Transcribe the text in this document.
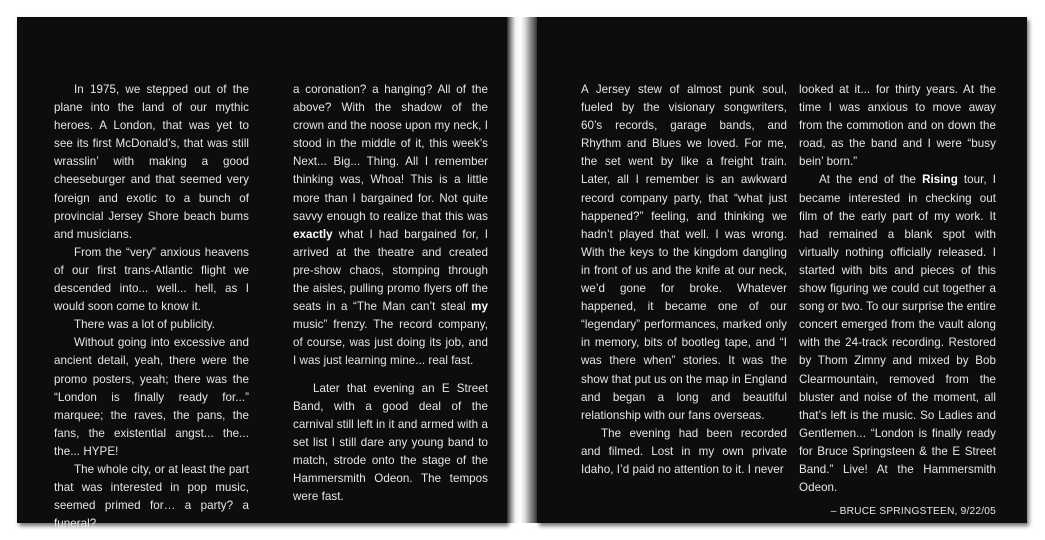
In 1975, we stepped out of the plane into the land of our mythic heroes. A London, that was yet to see its first McDonald’s, that was still wrasslin’ with making a good cheeseburger and that seemed very foreign and exotic to a bunch of provincial Jersey Shore beach bums and musicians.

From the “very” anxious heavens of our first trans-Atlantic flight we descended into... well... hell, as I would soon come to know it.

There was a lot of publicity.

Without going into excessive and ancient detail, yeah, there were the promo posters, yeah; there was the “London is finally ready for...” marquee; the raves, the pans, the fans, the existential angst... the... the... HYPE!

The whole city, or at least the part that was interested in pop music, seemed primed for… a party? a funeral?

a coronation? a hanging? All of the above? With the shadow of the crown and the noose upon my neck, I stood in the middle of it, this week’s Next... Big... Thing. All I remember thinking was, Whoa! This is a little more than I bargained for. Not quite savvy enough to realize that this was exactly what I had bargained for, I arrived at the theatre and created pre-show chaos, stomping through the aisles, pulling promo flyers off the seats in a “The Man can’t steal my music” frenzy. The record company, of course, was just doing its job, and I was just learning mine... real fast.

Later that evening an E Street Band, with a good deal of the carnival still left in it and armed with a set list I still dare any young band to match, strode onto the stage of the Hammersmith Odeon. The tempos were fast.

A Jersey stew of almost punk soul, fueled by the visionary songwriters, 60’s records, garage bands, and Rhythm and Blues we loved. For me, the set went by like a freight train. Later, all I remember is an awkward record company party, that “what just happened?” feeling, and thinking we hadn’t played that well. I was wrong. With the keys to the kingdom dangling in front of us and the knife at our neck, we’d gone for broke. Whatever happened, it became one of our “legendary” performances, marked only in memory, bits of bootleg tape, and “I was there when” stories. It was the show that put us on the map in England and began a long and beautiful relationship with our fans overseas.

The evening had been recorded and filmed. Lost in my own private Idaho, I’d paid no attention to it. I never

looked at it... for thirty years. At the time I was anxious to move away from the commotion and on down the road, as the band and I were “busy bein’ born.”

At the end of the Rising tour, I became interested in checking out film of the early part of my work. It had remained a blank spot with virtually nothing officially released. I started with bits and pieces of this show figuring we could cut together a song or two. To our surprise the entire concert emerged from the vault along with the 24-track recording. Restored by Thom Zimny and mixed by Bob Clearmountain, removed from the bluster and noise of the moment, all that’s left is the music. So Ladies and Gentlemen... “London is finally ready for Bruce Springsteen & the E Street Band.” Live! At the Hammersmith Odeon.

– BRUCE SPRINGSTEEN, 9/22/05
